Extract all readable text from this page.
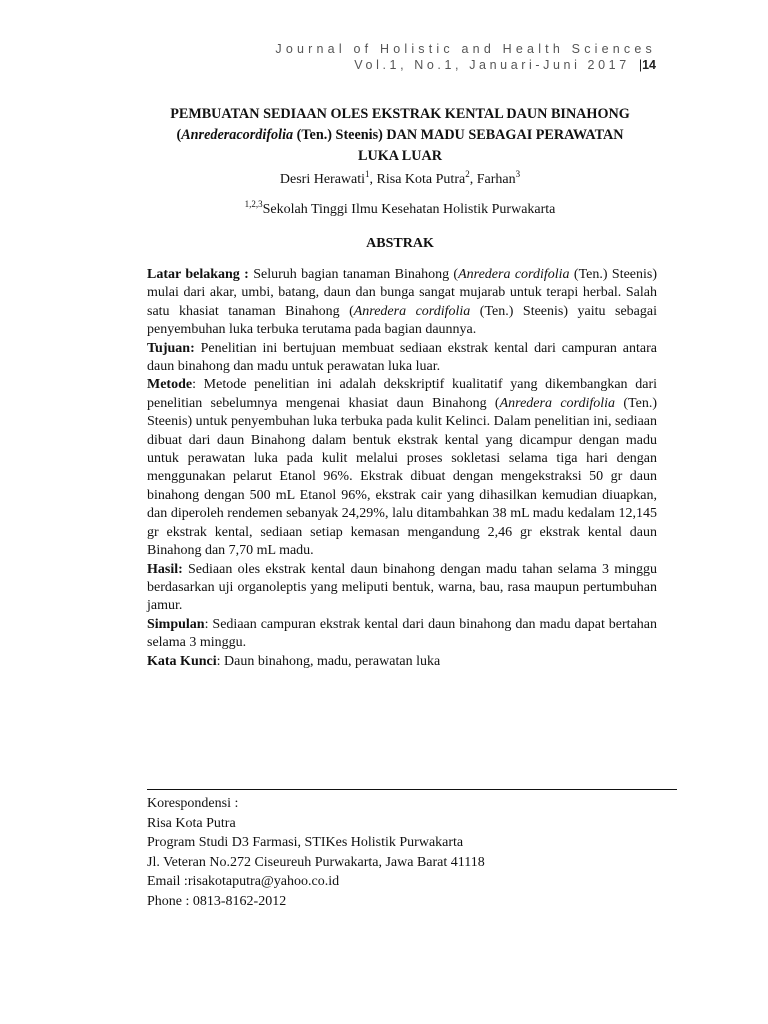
Journal of Holistic and Health Sciences
Vol.1, No.1, Januari-Juni 2017 |14
PEMBUATAN SEDIAAN OLES EKSTRAK KENTAL DAUN BINAHONG
(Anrederacordifolia (Ten.) Steenis) DAN MADU SEBAGAI PERAWATAN
LUKA LUAR
Desri Herawati$^1$, Risa Kota Putra$^2$, Farhan$^3$
$^{1,2,3}$Sekolah Tinggi Ilmu Kesehatan Holistik Purwakarta
ABSTRAK

Latar belakang : Seluruh bagian tanaman Binahong (Anredera cordifolia (Ten.) Steenis) mulai dari akar, umbi, batang, daun dan bunga sangat mujarab untuk terapi herbal. Salah satu khasiat tanaman Binahong (Anredera cordifolia (Ten.) Steenis) yaitu sebagai penyembuhan luka terbuka terutama pada bagian daunnya.

Tujuan: Penelitian ini bertujuan membuat sediaan ekstrak kental dari campuran antara daun binahong dan madu untuk perawatan luka luar.

Metode: Metode penelitian ini adalah dekskriptif kualitatif yang dikembangkan dari penelitian sebelumnya mengenai khasiat daun Binahong (Anredera cordifolia (Ten.) Steenis) untuk penyembuhan luka terbuka pada kulit Kelinci. Dalam penelitian ini, sediaan dibuat dari daun Binahong dalam bentuk ekstrak kental yang dicampur dengan madu untuk perawatan luka pada kulit melalui proses sokletasi selama tiga hari dengan menggunakan pelarut Etanol 96%. Ekstrak dibuat dengan mengekstraksi 50 gr daun binahong dengan 500 mL Etanol 96%, ekstrak cair yang dihasilkan kemudian diuapkan, dan diperoleh rendemen sebanyak 24,29%, lalu ditambahkan 38 mL madu kedalam 12,145 gr ekstrak kental, sediaan setiap kemasan mengandung 2,46 gr ekstrak kental daun Binahong dan 7,70 mL madu.

Hasil: Sediaan oles ekstrak kental daun binahong dengan madu tahan selama 3 minggu berdasarkan uji organoleptis yang meliputi bentuk, warna, bau, rasa maupun pertumbuhan jamur.

Simpulan: Sediaan campuran ekstrak kental dari daun binahong dan madu dapat bertahan selama 3 minggu.

Kata Kunci: Daun binahong, madu, perawatan luka
Korespondensi :
Risa Kota Putra
Program Studi D3 Farmasi, STIKes Holistik Purwakarta
Jl. Veteran No.272 Ciseureuh Purwakarta, Jawa Barat 41118
Email :risakotaputra@yahoo.co.id
Phone : 0813-8162-2012
